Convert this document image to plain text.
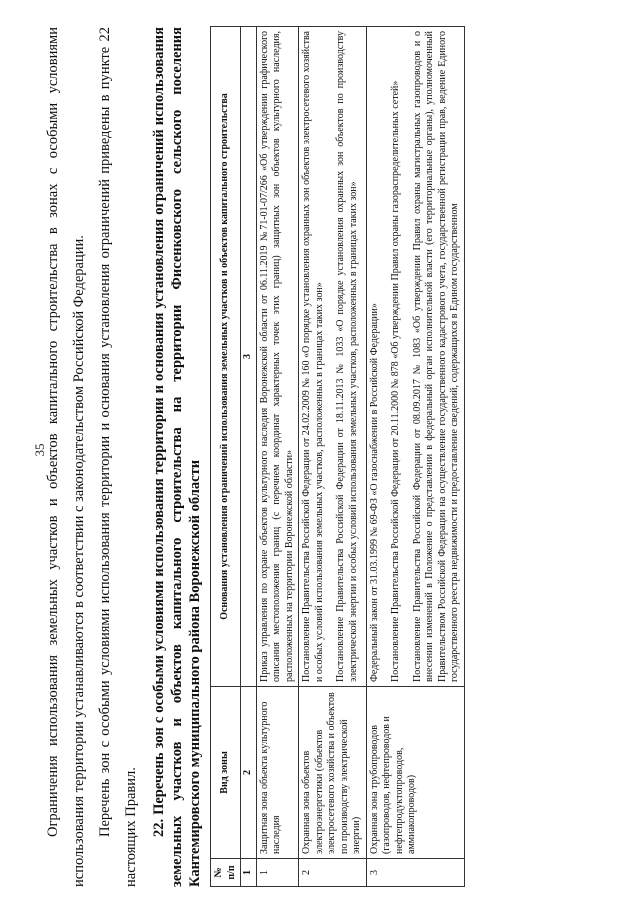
35

Ограничения использования земельных участков и объектов капитального строительства в зонах с особыми условиями использования территории устанавливаются в соответствии с законодательством Российской Федерации. Перечень зон с особыми условиями использования территории и основания установления ограничений приведены в пункте 22 настоящих Правил. 22. Перечень зон с особыми условиями использования территории и основания установления ограничений использования земельных участков и объектов капитального строительства на территории Фисенковского сельского поселения Кантемировского муниципального района Воронежской области № п/п	Вид зоны	Основания установления ограничений использования земельных участков и объектов капитального строительства
1	2	3
1	Защитная зона объекта культурного наследия	Приказ управления по охране объектов культурного наследия Воронежской области от 06.11.2019 №71-01-07/266 «Об утверждении графического описания местоположения границ (с перечнем координат характерных точек этих границ) защитных зон объектов культурного наследия, расположенных на территории Воронежской области»

2	Охранная зона объектов электроэнергетики (объектов электросетевого хозяйства и объектов по производству электрической энергии)	Постановление Правительства Российской Федерации от 24.02.2009 № 160 «О порядке установления охранных зон объектов электросетевого хозяйства и особых условий использования земельных участков, расположенных в границах таких зон» Постановление Правительства Российской Федерации от 18.11.2013 № 1033 «О порядке установления охранных зон объектов по производству электрической энергии и особых условий использования земельных участков, расположенных в границах таких зон»

3	Охранная зона трубопроводов (газопроводов, нефтепроводов и нефтепродуктопроводов, аммиакопроводов)	Федеральный закон от 31.03.1999 № 69-ФЗ «О газоснабжении в Российской Федерации» Постановление Правительства Российской Федерации от 20.11.2000 № 878 «Об утверждении Правил охраны газораспределительных сетей» Постановление Правительства Российской Федерации от 08.09.2017 № 1083 «Об утверждении Правил охраны магистральных газопроводов и о внесении изменений в Положение о представлении в федеральный орган исполнительной власти (его территориальные органы), уполномоченный Правительством Российской Федерации на осуществление государственного кадастрового учета, государственной регистрации прав, ведение Единого государственного реестра недвижимости и предоставление сведений, содержащихся в Едином государственном
